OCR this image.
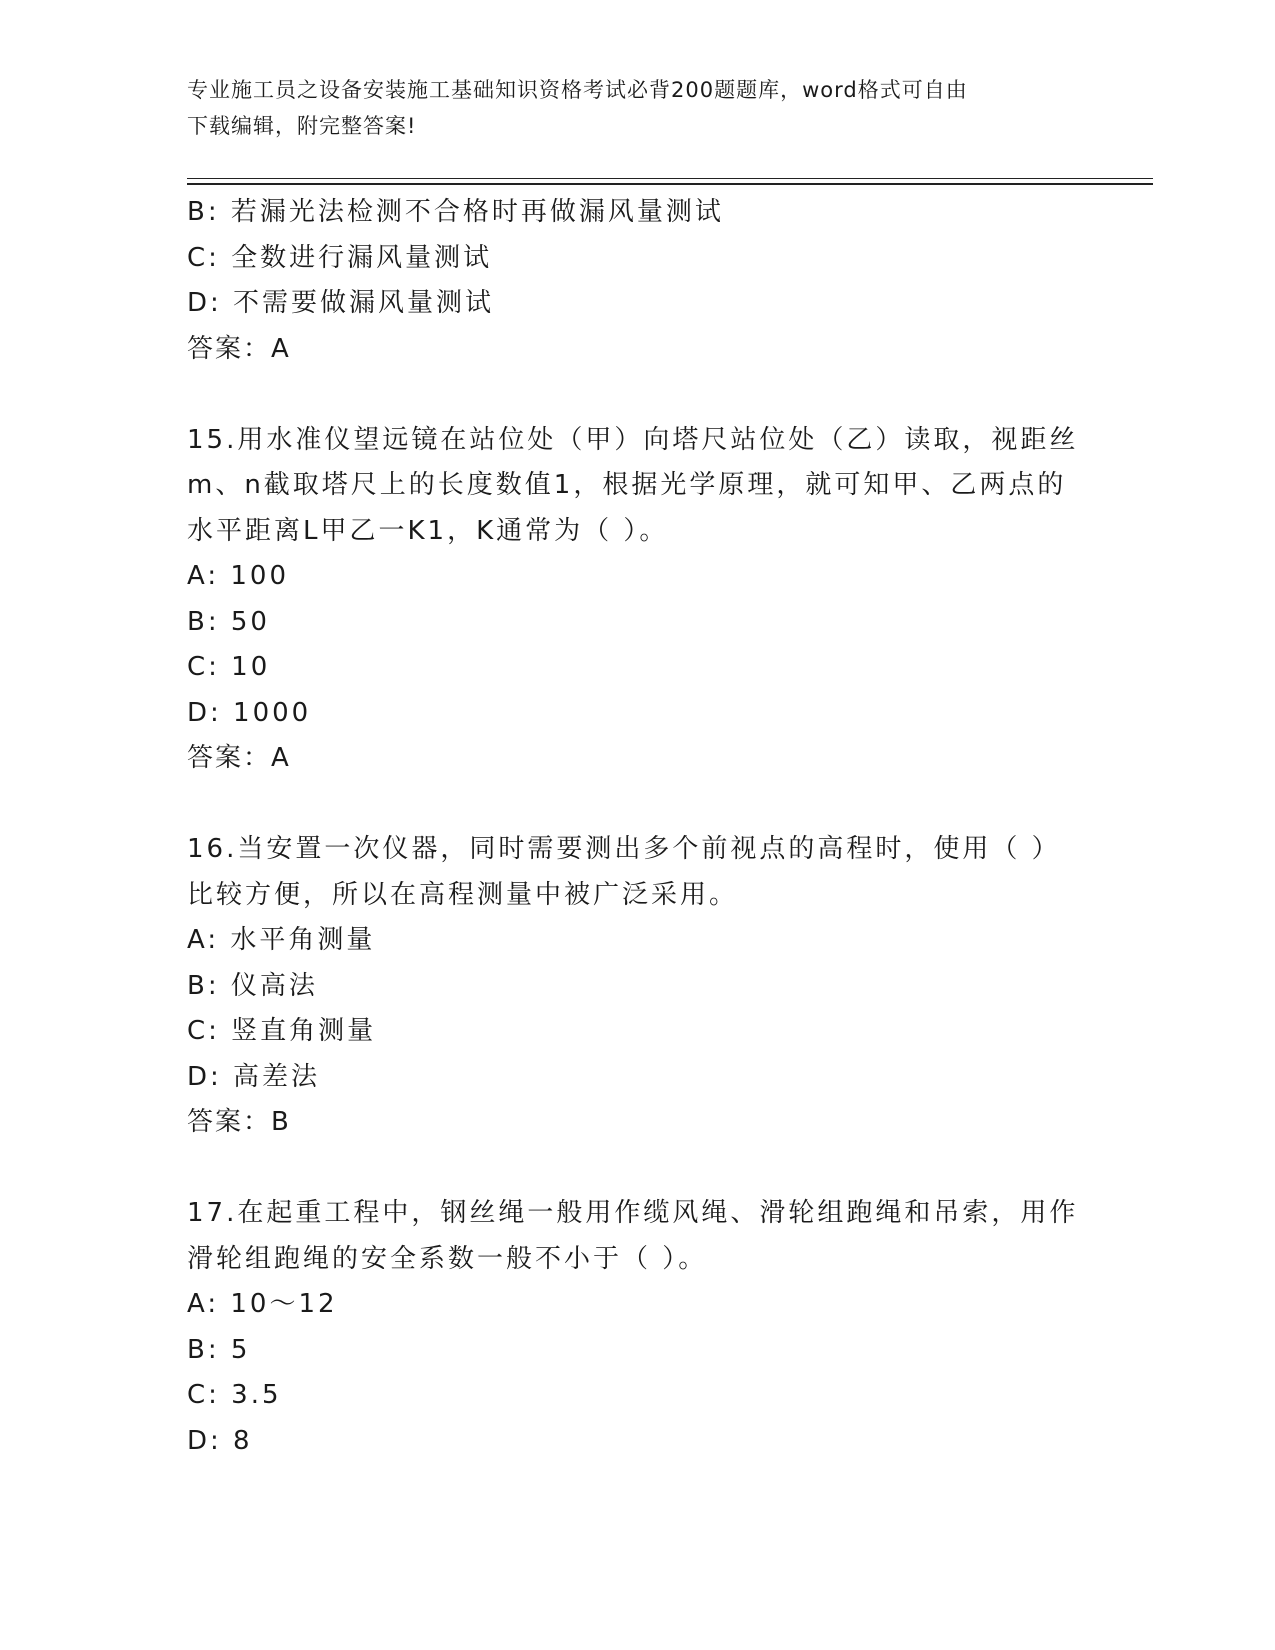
专业施工员之设备安装施工基础知识资格考试必背200题题库，word格式可自由
下载编辑，附完整答案!
B: 若漏光法检测不合格时再做漏风量测试
C: 全数进行漏风量测试
D: 不需要做漏风量测试
答案：A
15.用水准仪望远镜在站位处（甲）向塔尺站位处（乙）读取，视距丝
m、n截取塔尺上的长度数值1，根据光学原理，就可知甲、乙两点的
水平距离L甲乙一K1，K通常为（ ）。
A: 100
B: 50
C: 10
D: 1000
答案：A
16.当安置一次仪器，同时需要测出多个前视点的高程时，使用（ ）
比较方便，所以在高程测量中被广泛采用。
A: 水平角测量
B: 仪高法
C: 竖直角测量
D: 高差法
答案：B
17.在起重工程中，钢丝绳一般用作缆风绳、滑轮组跑绳和吊索，用作
滑轮组跑绳的安全系数一般不小于（ ）。
A: 10～12
B: 5
C: 3.5
D: 8
